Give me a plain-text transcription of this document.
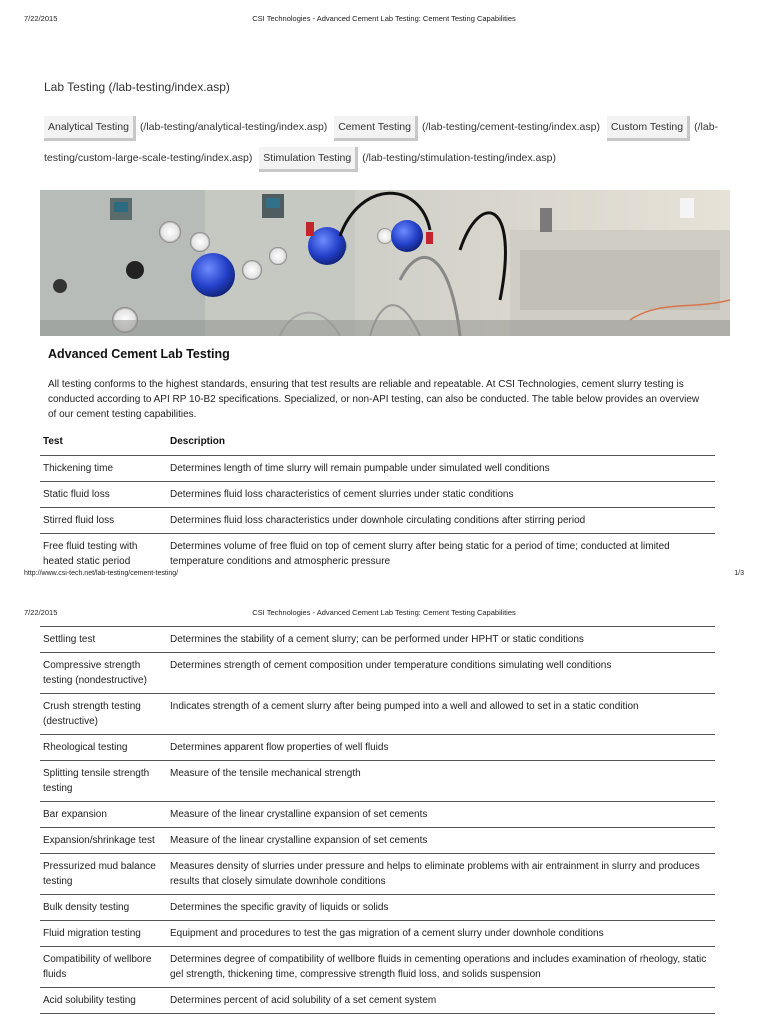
7/22/2015	CSI Technologies - Advanced Cement Lab Testing: Cement Testing Capabilities
Lab Testing (/lab-testing/index.asp)
Analytical Testing (/lab-testing/analytical-testing/index.asp) Cement Testing (/lab-testing/cement-testing/index.asp) Custom Testing (/lab-testing/custom-large-scale-testing/index.asp) Stimulation Testing (/lab-testing/stimulation-testing/index.asp)
Advanced Cement Lab Testing
All testing conforms to the highest standards, ensuring that test results are reliable and repeatable. At CSI Technologies, cement slurry testing is conducted according to API RP 10-B2 specifications. Specialized, or non-API testing, can also be conducted. The table below provides an overview of our cement testing capabilities.
Test	Description
Thickening time	Determines length of time slurry will remain pumpable under simulated well conditions
Static fluid loss	Determines fluid loss characteristics of cement slurries under static conditions
Stirred fluid loss	Determines fluid loss characteristics under downhole circulating conditions after stirring period
Free fluid testing with heated static period	Determines volume of free fluid on top of cement slurry after being static for a period of time; conducted at limited temperature conditions and atmospheric pressure
http://www.csi-tech.net/lab-testing/cement-testing/	1/3
7/22/2015	CSI Technologies - Advanced Cement Lab Testing: Cement Testing Capabilities
Settling test	Determines the stability of a cement slurry; can be performed under HPHT or static conditions
Compressive strength testing (nondestructive)	Determines strength of cement composition under temperature conditions simulating well conditions
Crush strength testing (destructive)	Indicates strength of a cement slurry after being pumped into a well and allowed to set in a static condition
Rheological testing	Determines apparent flow properties of well fluids
Splitting tensile strength testing	Measure of the tensile mechanical strength
Bar expansion	Measure of the linear crystalline expansion of set cements
Expansion/shrinkage test	Measure of the linear crystalline expansion of set cements
Pressurized mud balance testing	Measures density of slurries under pressure and helps to eliminate problems with air entrainment in slurry and produces results that closely simulate downhole conditions
Bulk density testing	Determines the specific gravity of liquids or solids
Fluid migration testing	Equipment and procedures to test the gas migration of a cement slurry under downhole conditions
Compatibility of wellbore fluids	Determines degree of compatibility of wellbore fluids in cementing operations and includes examination of rheology, static gel strength, thickening time, compressive strength fluid loss, and solids suspension
Acid solubility testing	Determines percent of acid solubility of a set cement system
